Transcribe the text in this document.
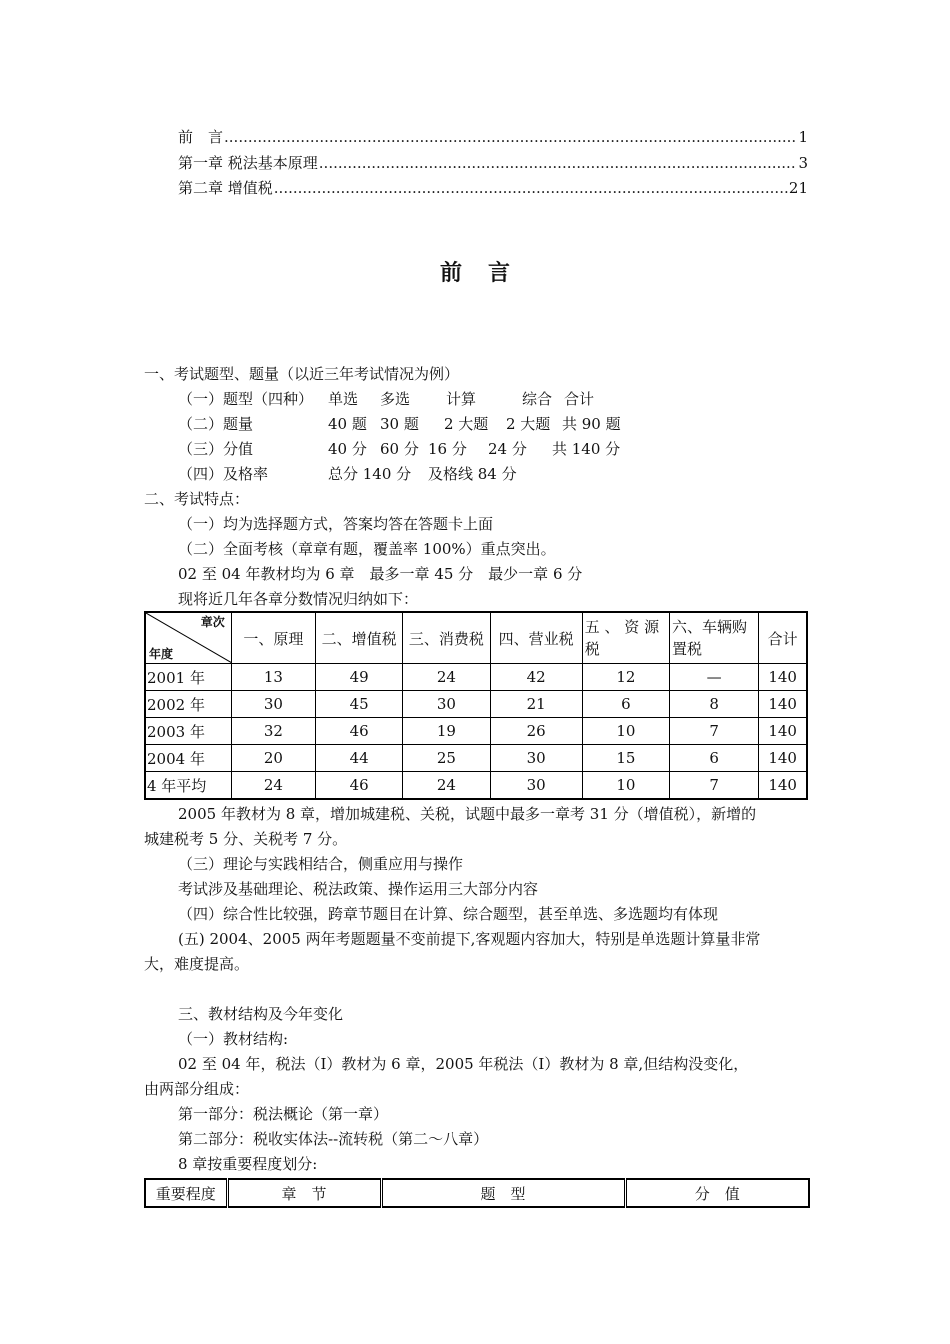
前　言 .....	1
第一章 税法基本原理 .....	3
第二章 增值税 .....	21
前言
一、考试题型、题量（以近三年考试情况为例）
（一）题型（四种） 单选 多选 计算	综合 合计
（二）题量	40 题 30 题 2 大题 2 大题 共 90 题
（三）分值	40 分 60 分 16 分 24 分 共 140 分
（四）及格率	总分 140 分 及格线 84 分
二、考试特点：
（一）均为选择题方式，答案均答在答题卡上面
（二）全面考核（章章有题，覆盖率 100%）重点突出。
02 至 04 年教材均为 6 章　最多一章 45 分　最少一章 6 分
现将近几年各章分数情况归纳如下：
章次
年度	一、原理	二、增值税	三、消费税	四、营业税	五 、 资 源 税	六、车辆购置税	合计
2001 年	13	49	24	42	12	—	140
2002 年	30	45	30	21	6	8	140
2003 年	32	46	19	26	10	7	140
2004 年	20	44	25	30	15	6	140
4 年平均	24	46	24	30	10	7	140
2005 年教材为 8 章，增加城建税、关税，试题中最多一章考 31 分（增值税），新增的
城建税考 5 分、关税考 7 分。
（三）理论与实践相结合，侧重应用与操作
考试涉及基础理论、税法政策、操作运用三大部分内容
（四）综合性比较强，跨章节题目在计算、综合题型，甚至单选、多选题均有体现
(五) 2004、2005 两年考题题量不变前提下,客观题内容加大，特别是单选题计算量非常
大，难度提高。
三、教材结构及今年变化
（一）教材结构:
02 至 04 年，税法（Ⅰ）教材为 6 章，2005 年税法（Ⅰ）教材为 8 章,但结构没变化，
由两部分组成：
第一部分：税法概论（第一章）
第二部分：税收实体法--流转税（第二～八章）
8 章按重要程度划分:
重要程度	章　节	题　型	分　值
